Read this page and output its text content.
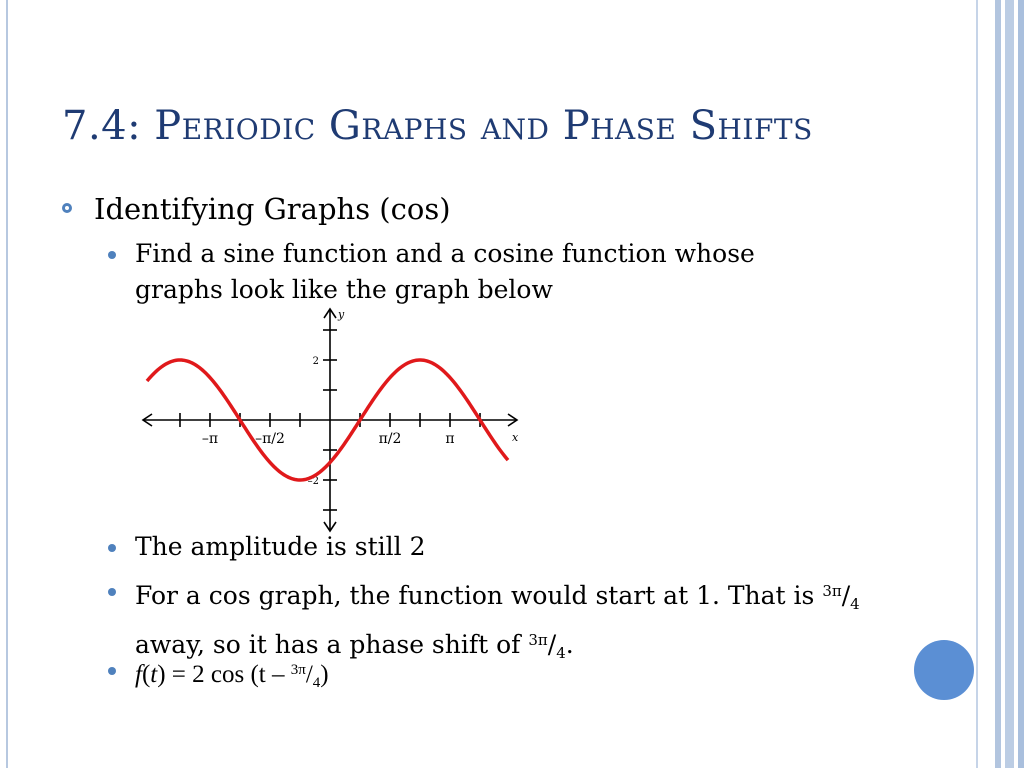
7.4: Periodic Graphs and Phase Shifts
Identifying Graphs (cos)
Find a sine function and a cosine function whose graphs look like the graph below
–π	–π/2	π/2	π
2
–2
x
y
The amplitude is still 2
For a cos graph, the function would start at 1. That is $^{3\pi}/_4$ away, so it has a phase shift of $^{3\pi}/_4$.
f(t) = 2 $\cos (t - ^{3\pi}/_4)$
